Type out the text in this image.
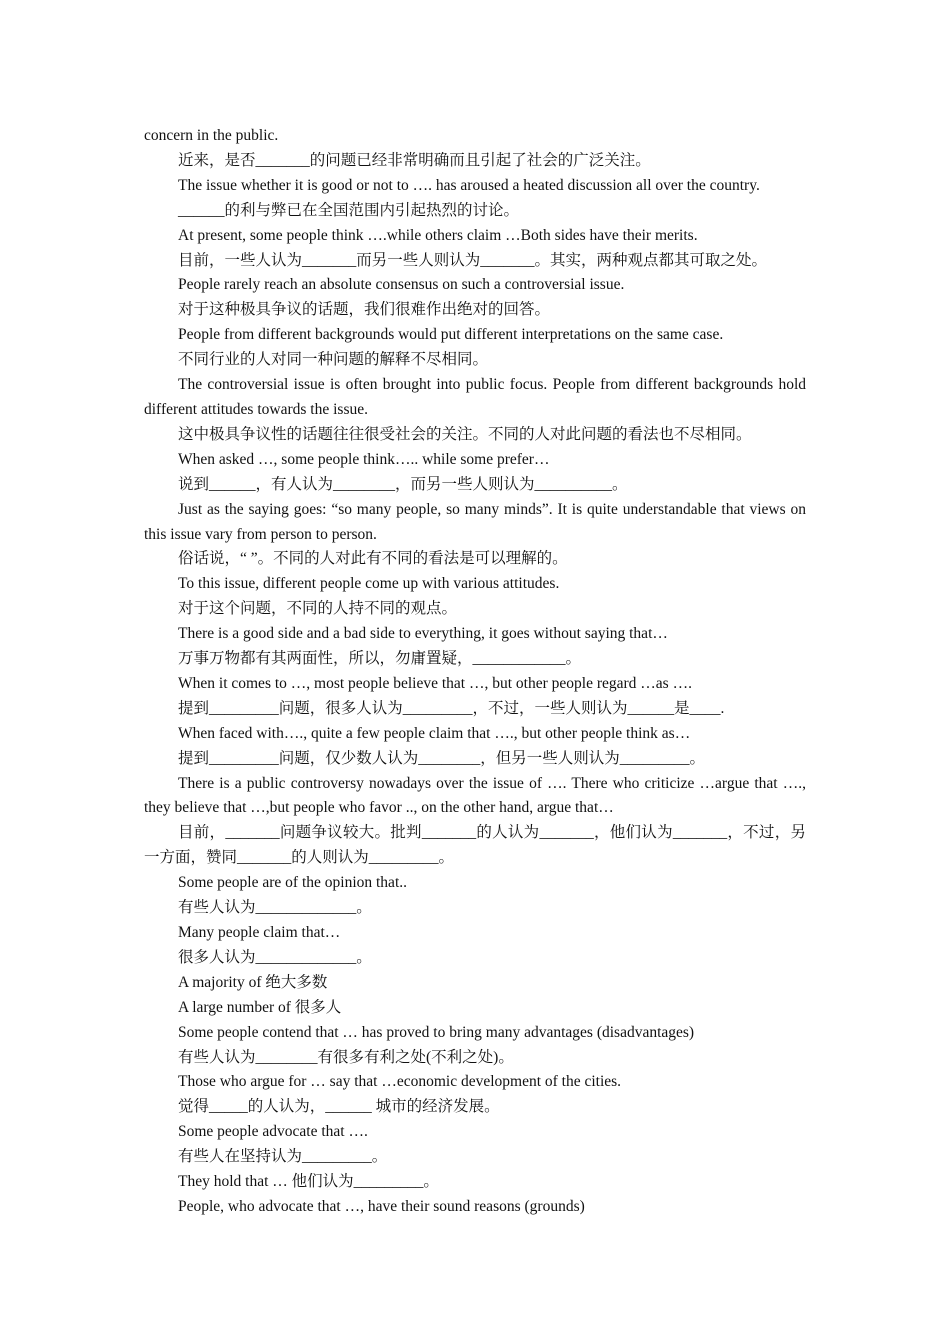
concern in the public.

近来，是否_______的问题已经非常明确而且引起了社会的广泛关注。

The issue whether it is good or not to …. has aroused a heated discussion all over the country.

______的利与弊已在全国范围内引起热烈的讨论。

At present, some people think ….while others claim …Both sides have their merits.

目前，一些人认为_______而另一些人则认为_______。其实，两种观点都其可取之处。

People rarely reach an absolute consensus on such a controversial issue.

对于这种极具争议的话题，我们很难作出绝对的回答。

People from different backgrounds would put different interpretations on the same case.

不同行业的人对同一种问题的解释不尽相同。

The controversial issue is often brought into public focus. People from different backgrounds hold different attitudes towards the issue.

这中极具争议性的话题往往很受社会的关注。不同的人对此问题的看法也不尽相同。

When asked …, some people think….. while some prefer…

说到______，有人认为________，而另一些人则认为__________。

Just as the saying goes: “so many people, so many minds”. It is quite understandable that views on this issue vary from person to person.

俗话说，“ ”。不同的人对此有不同的看法是可以理解的。

To this issue, different people come up with various attitudes.

对于这个问题，不同的人持不同的观点。

There is a good side and a bad side to everything, it goes without saying that…

万事万物都有其两面性，所以，勿庸置疑，____________。

When it comes to …, most people believe that …, but other people regard …as ….

提到_________问题，很多人认为_________，不过，一些人则认为______是____.

When faced with…., quite a few people claim that …., but other people think as…

提到_________问题，仅少数人认为________，但另一些人则认为_________。

There is a public controversy nowadays over the issue of …. There who criticize …argue that …., they believe that …,but people who favor .., on the other hand, argue that…

目前，_______问题争议较大。批判_______的人认为_______，他们认为_______，不过，另一方面，赞同_______的人则认为_________。

Some people are of the opinion that..

有些人认为_____________。

Many people claim that…

很多人认为_____________。

A majority of 绝大多数

A large number of 很多人

Some people contend that … has proved to bring many advantages (disadvantages)

有些人认为________有很多有利之处(不利之处)。

Those who argue for … say that …economic development of the cities.

觉得_____的人认为，______ 城市的经济发展。

Some people advocate that ….

有些人在坚持认为_________。

They hold that … 他们认为_________。

People, who advocate that …, have their sound reasons (grounds)
